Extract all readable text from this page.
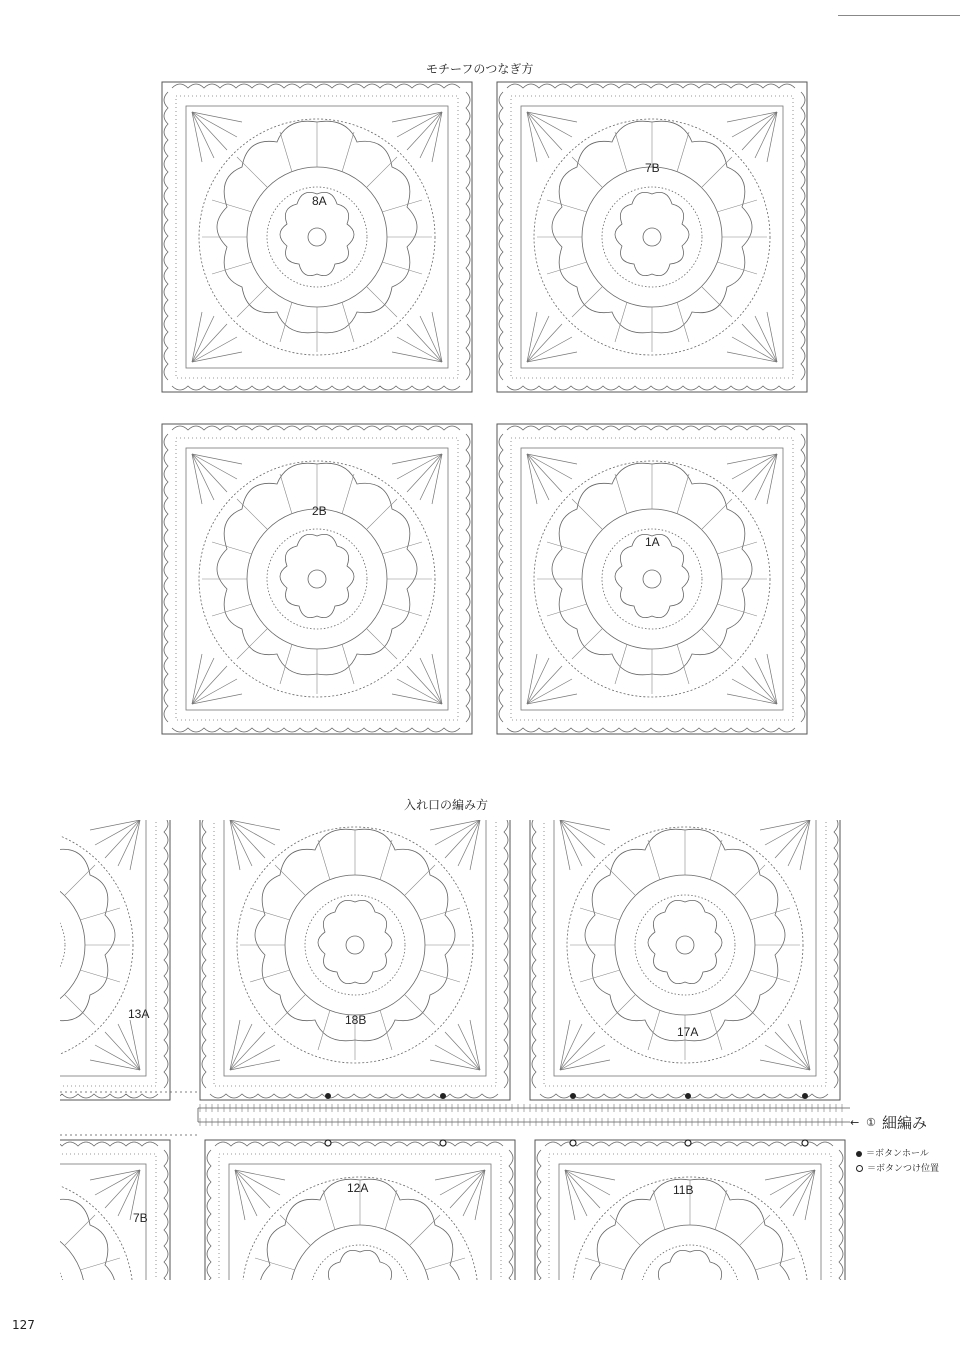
モチーフのつなぎ方
8A
7B
2B
1A
13A	18B
17A
7B
12A	11B
入れ口の編み方
← ① 細編み
＝ボタンホール
＝ボタンつけ位置
127
